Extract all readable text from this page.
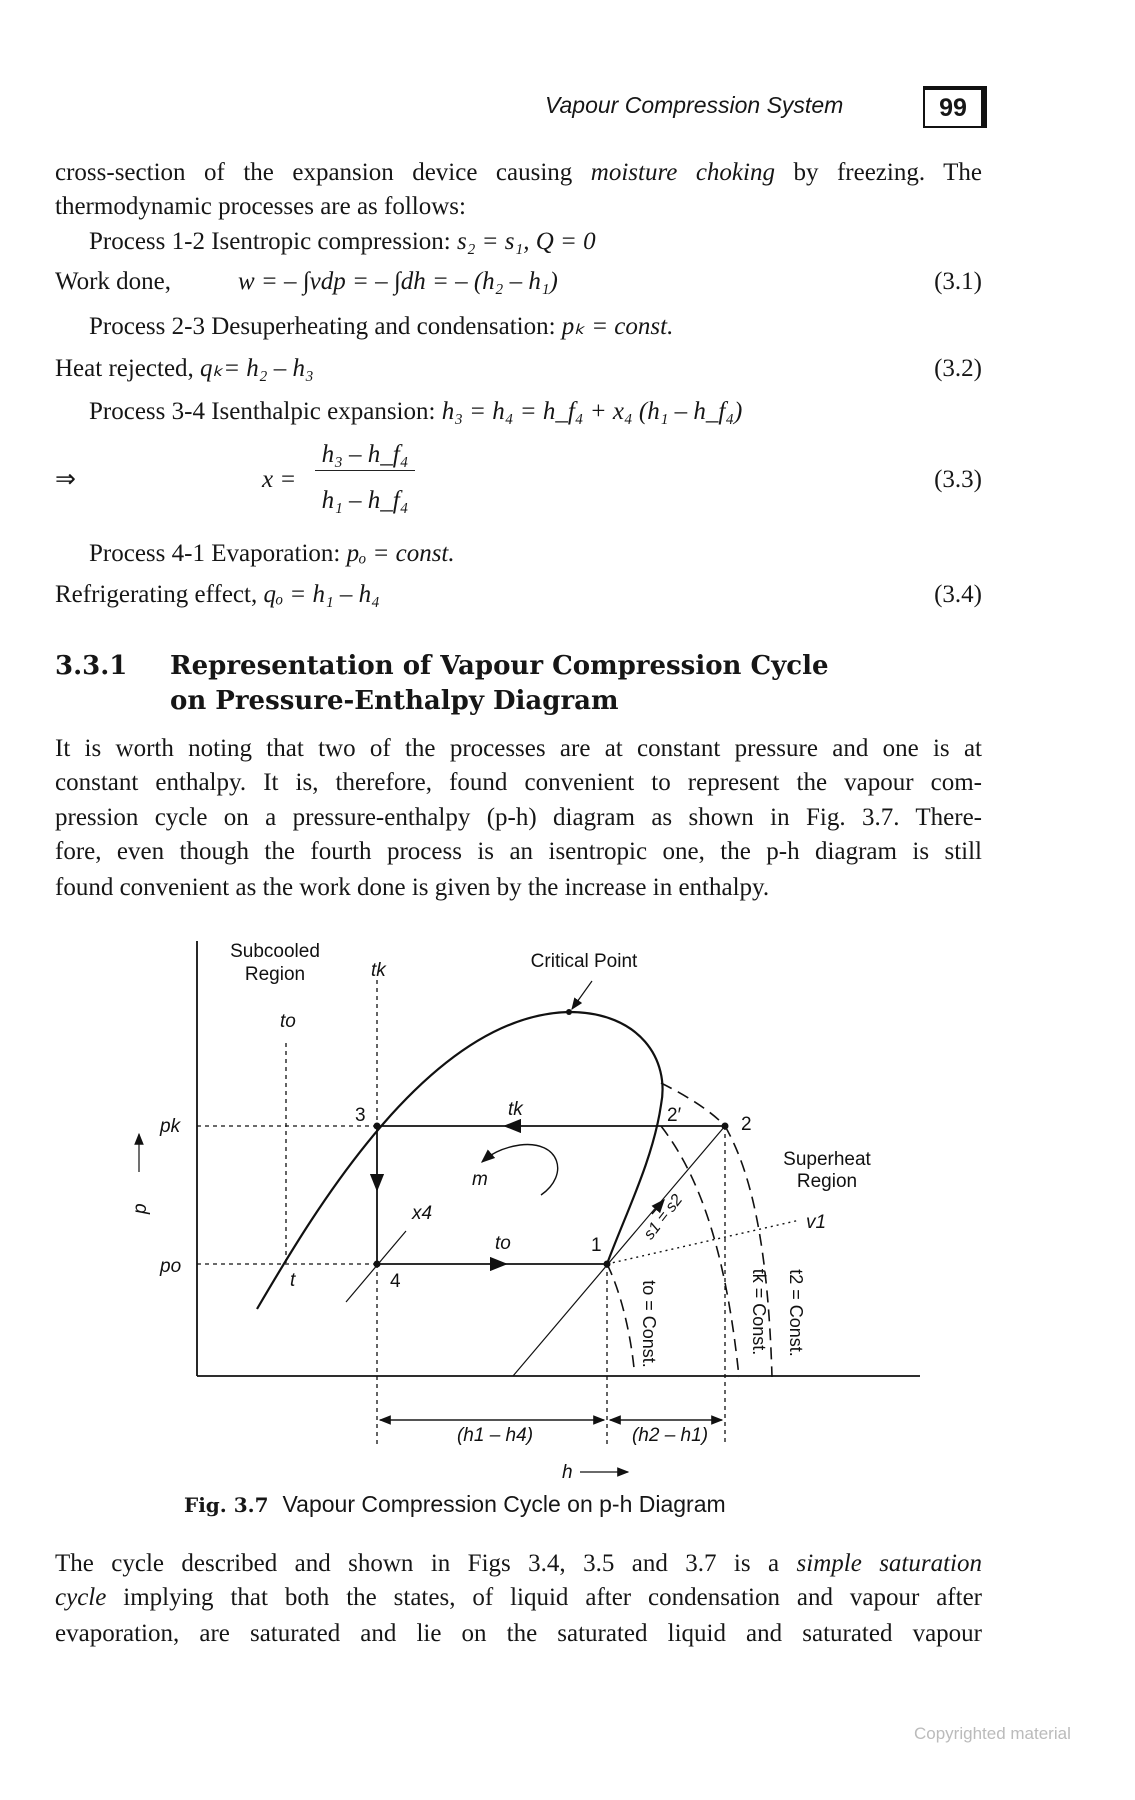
Vapour Compression System	99
cross-section of the expansion device causing moisture choking by freezing. The
thermodynamic processes are as follows:
Process 1-2 Isentropic compression: s₂ = s₁, Q = 0
Work done,	w = – ∫vdp = – ∫dh = – (h₂ – h₁)	(3.1)
Process 2-3 Desuperheating and condensation: pₖ = const.
Heat rejected, qₖ= h₂ – h₃	(3.2)
Process 3-4 Isenthalpic expansion: h₃ = h₄ = h_f₄ + x₄ (h₁ – h_f₄)
⇒	x =
h₃ – h_f₄
h₁ – h_f₄
(3.3)
Process 4-1 Evaporation: pₒ = const.
Refrigerating effect, qₒ = h₁ – h₄	(3.4)
3.3.1 Representation of Vapour Compression Cycle
on Pressure-Enthalpy Diagram
It is worth noting that two of the processes are at constant pressure and one is at
constant enthalpy. It is, therefore, found convenient to represent the vapour com-
pression cycle on a pressure-enthalpy (p-h) diagram as shown in Fig. 3.7. There-
fore, even though the fourth process is an isentropic one, the p-h diagram is still
found convenient as the work done is given by the increase in enthalpy.
Subcooled
Region	tk
to
Critical Point
pk
po
p
h
3	2′	2
1
4
t
tk
to
m
x4	s1 = s2
Superheat
Region
v1
to = Const.	tk = Const. t2 = Const.
(h1 – h4)	(h2 – h1)
Fig. 3.7 Vapour Compression Cycle on p-h Diagram
The cycle described and shown in Figs 3.4, 3.5 and 3.7 is a simple saturation
cycle implying that both the states, of liquid after condensation and vapour after
evaporation, are saturated and lie on the saturated liquid and saturated vapour
Copyrighted material
